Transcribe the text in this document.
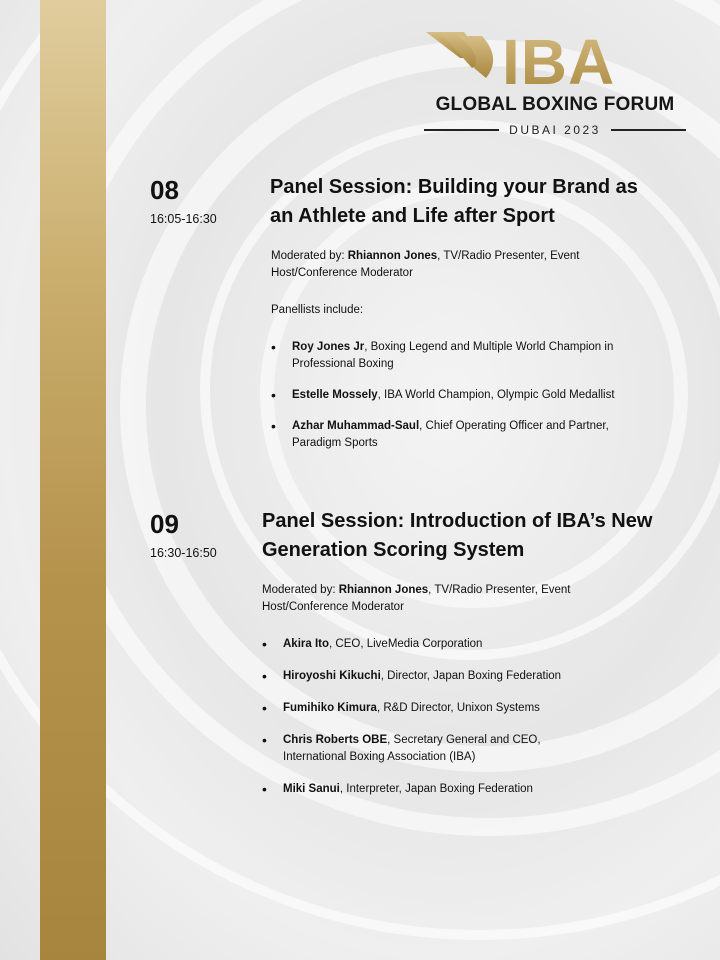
IBA
GLOBAL BOXING FORUM
DUBAI 2023
08
16:05-16:30
Panel Session: Building your Brand as
an Athlete and Life after Sport
Moderated by: Rhiannon Jones, TV/Radio Presenter, Event Host/Conference Moderator
Panellists include:
• Roy Jones Jr, Boxing Legend and Multiple World Champion in Professional Boxing
• Estelle Mossely, IBA World Champion, Olympic Gold Medallist
• Azhar Muhammad-Saul, Chief Operating Officer and Partner, Paradigm Sports
09
16:30-16:50
Panel Session: Introduction of IBA’s New
Generation Scoring System
Moderated by: Rhiannon Jones, TV/Radio Presenter, Event Host/Conference Moderator
• Akira Ito, CEO, LiveMedia Corporation
• Hiroyoshi Kikuchi, Director, Japan Boxing Federation
• Fumihiko Kimura, R&D Director, Unixon Systems
• Chris Roberts OBE, Secretary General and CEO, International Boxing Association (IBA)
• Miki Sanui, Interpreter, Japan Boxing Federation
